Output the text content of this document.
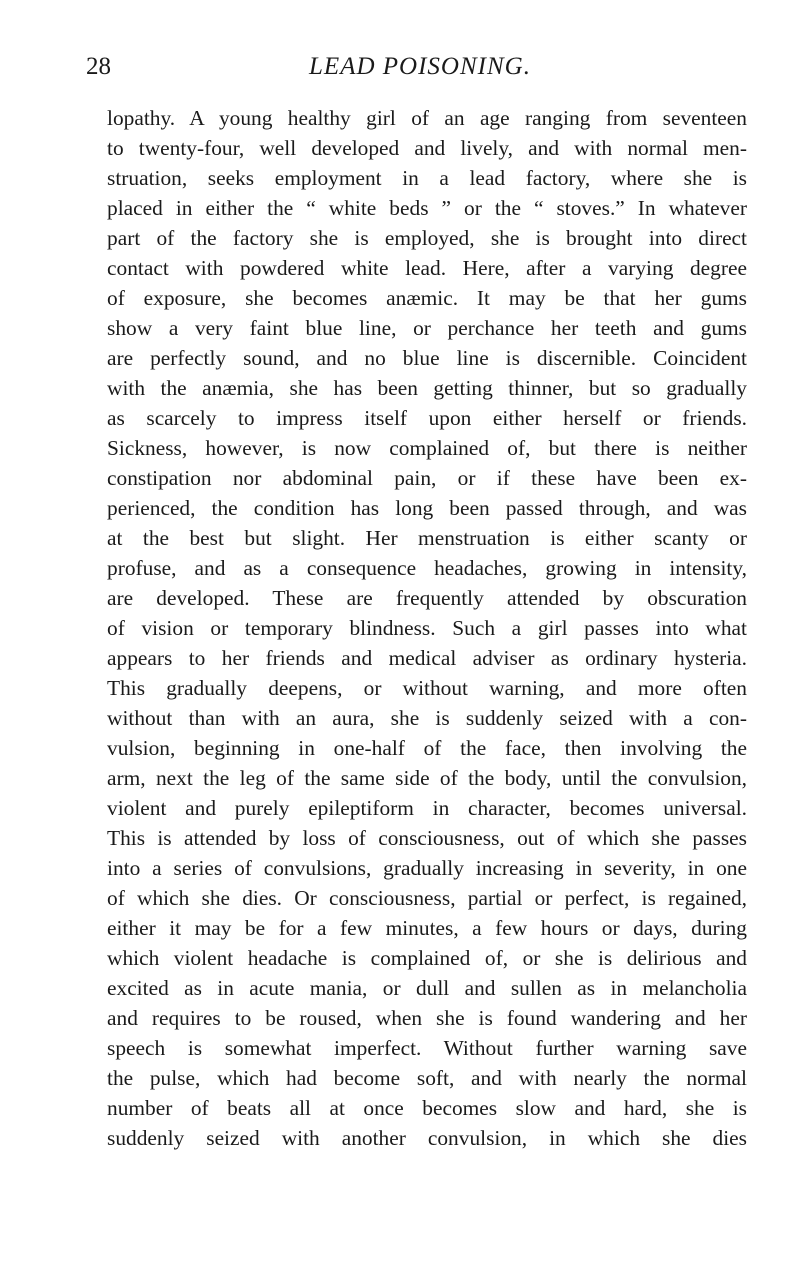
28	LEAD POISONING.
lopathy. A young healthy girl of an age ranging from seventeen
to twenty-four, well developed and lively, and with normal men-
struation, seeks employment in a lead factory, where she is
placed in either the “ white beds ” or the “ stoves.” In whatever
part of the factory she is employed, she is brought into direct
contact with powdered white lead. Here, after a varying degree
of exposure, she becomes anæmic. It may be that her gums
show a very faint blue line, or perchance her teeth and gums
are perfectly sound, and no blue line is discernible. Coincident
with the anæmia, she has been getting thinner, but so gradually
as scarcely to impress itself upon either herself or friends.
Sickness, however, is now complained of, but there is neither
constipation nor abdominal pain, or if these have been ex-
perienced, the condition has long been passed through, and was
at the best but slight. Her menstruation is either scanty or
profuse, and as a consequence headaches, growing in intensity,
are developed. These are frequently attended by obscuration
of vision or temporary blindness. Such a girl passes into what
appears to her friends and medical adviser as ordinary hysteria.
This gradually deepens, or without warning, and more often
without than with an aura, she is suddenly seized with a con-
vulsion, beginning in one-half of the face, then involving the
arm, next the leg of the same side of the body, until the convulsion,
violent and purely epileptiform in character, becomes universal.
This is attended by loss of consciousness, out of which she passes
into a series of convulsions, gradually increasing in severity, in one
of which she dies. Or consciousness, partial or perfect, is regained,
either it may be for a few minutes, a few hours or days, during
which violent headache is complained of, or she is delirious and
excited as in acute mania, or dull and sullen as in melancholia
and requires to be roused, when she is found wandering and her
speech is somewhat imperfect. Without further warning save
the pulse, which had become soft, and with nearly the normal
number of beats all at once becomes slow and hard, she is
suddenly seized with another convulsion, in which she dies
